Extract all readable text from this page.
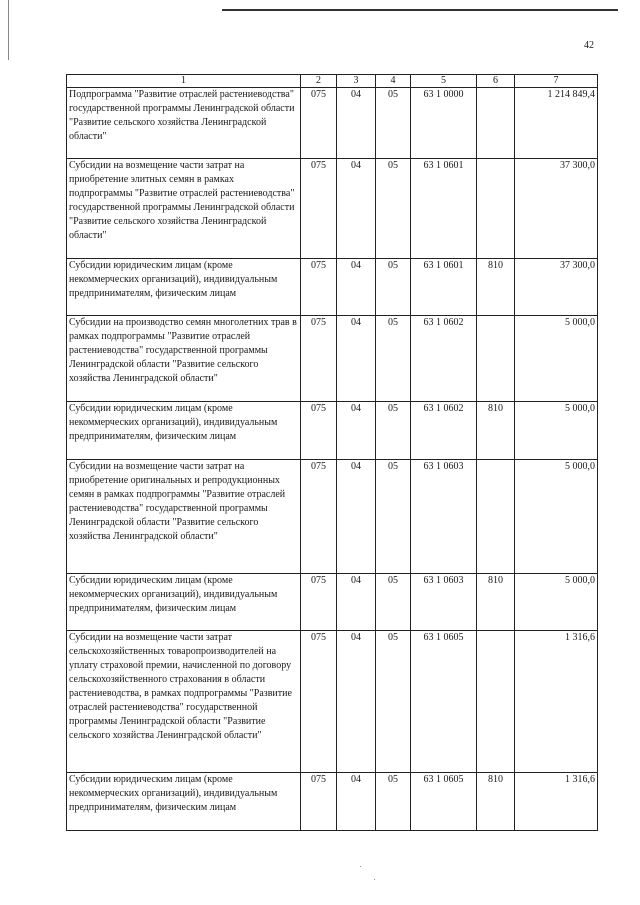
42
1	2	3	4	5	6	7
Подпрограмма "Развитие отраслей растениеводства" государственной программы Ленинградской области "Развитие сельского хозяйства Ленинградской области"	075	04	05	63 1 0000		1 214 849,4
Субсидии на возмещение части затрат на приобретение элитных семян в рамках подпрограммы "Развитие отраслей растениеводства" государственной программы Ленинградской области "Развитие сельского хозяйства Ленинградской области"	075	04	05	63 1 0601		37 300,0
Субсидии юридическим лицам (кроме некоммерческих организаций), индивидуальным предпринимателям, физическим лицам	075	04	05	63 1 0601	810	37 300,0
Субсидии на производство семян многолетних трав в рамках подпрограммы "Развитие отраслей растениеводства" государственной программы Ленинградской области "Развитие сельского хозяйства Ленинградской области"	075	04	05	63 1 0602		5 000,0
Субсидии юридическим лицам (кроме некоммерческих организаций), индивидуальным предпринимателям, физическим лицам	075	04	05	63 1 0602	810	5 000,0
Субсидии на возмещение части затрат на приобретение оригинальных и репродукционных семян в рамках подпрограммы "Развитие отраслей растениеводства" государственной программы Ленинградской области "Развитие сельского хозяйства Ленинградской области"	075	04	05	63 1 0603		5 000,0
Субсидии юридическим лицам (кроме некоммерческих организаций), индивидуальным предпринимателям, физическим лицам	075	04	05	63 1 0603	810	5 000,0
Субсидии на возмещение части затрат сельскохозяйственных товаропроизводителей на уплату страховой премии, начисленной по договору сельскохозяйственного страхования в области растениеводства, в рамках подпрограммы "Развитие отраслей растениеводства" государственной программы Ленинградской области "Развитие сельского хозяйства Ленинградской области"	075	04	05	63 1 0605		1 316,6
Субсидии юридическим лицам (кроме некоммерческих организаций), индивидуальным предпринимателям, физическим лицам	075	04	05	63 1 0605	810	1 316,6
